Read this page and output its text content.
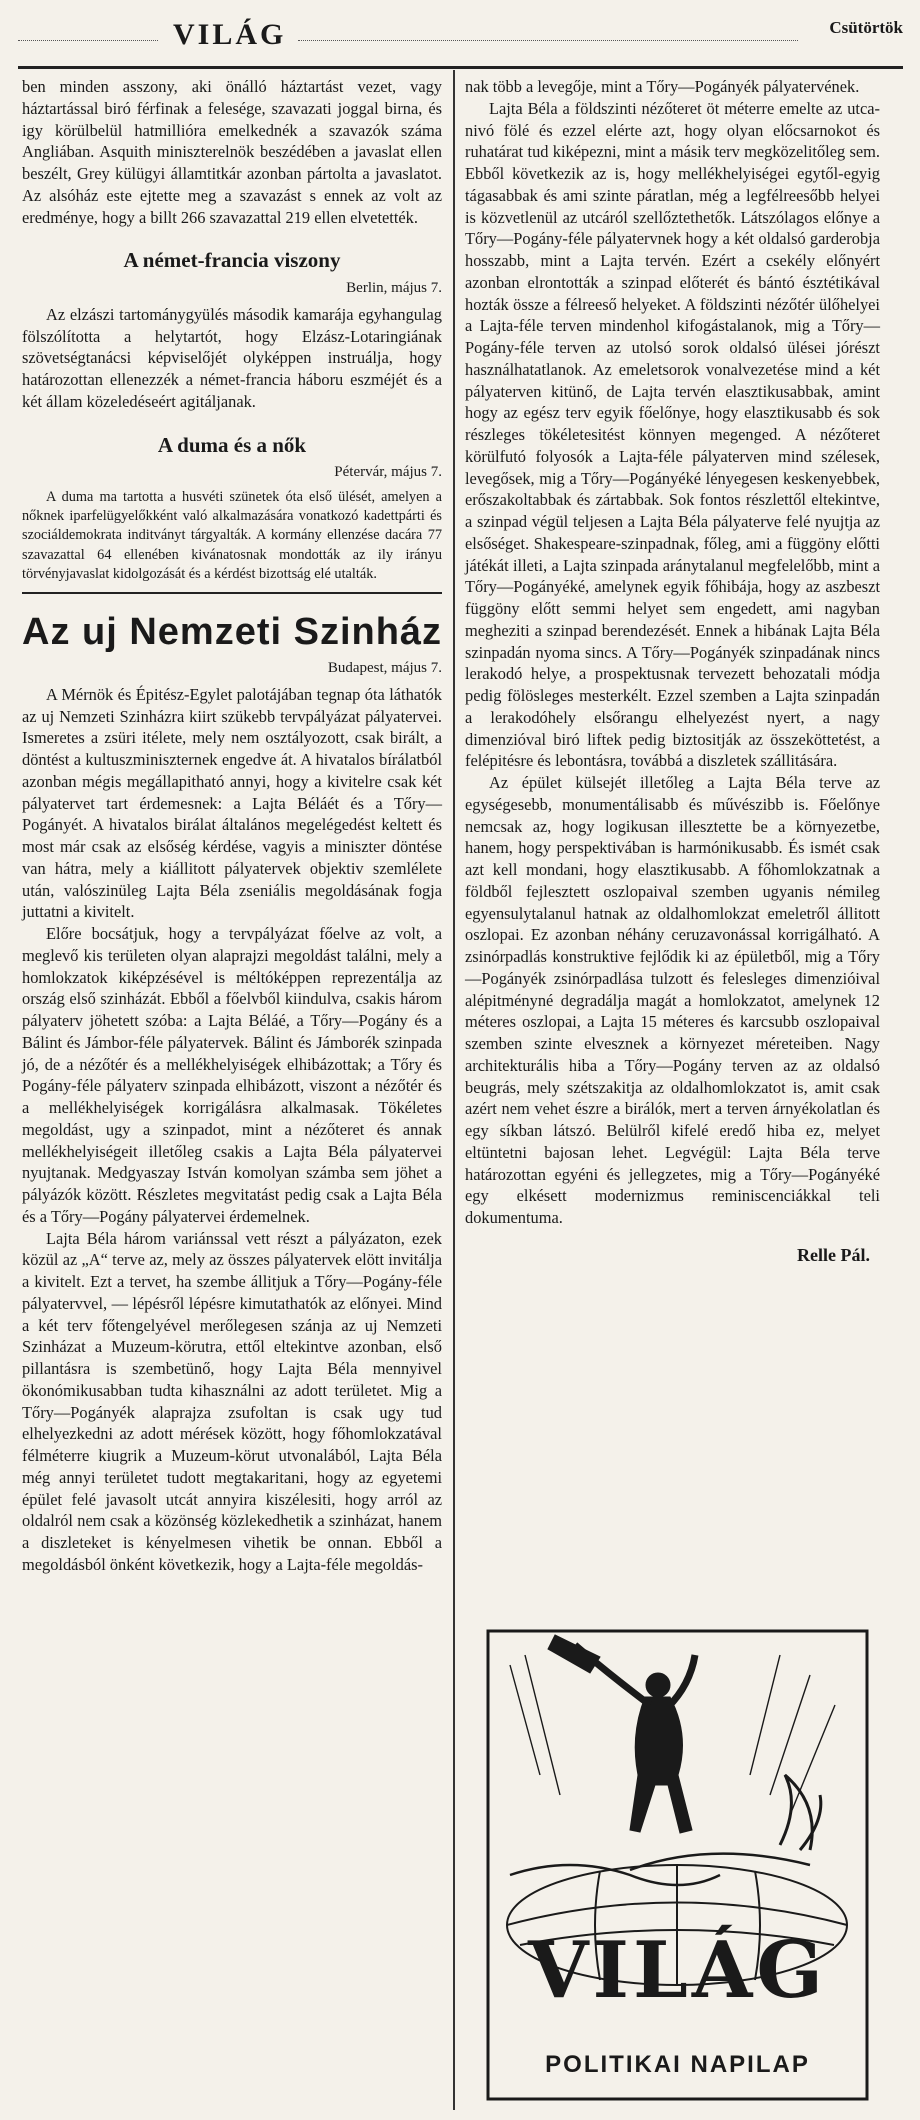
VILÁG	Csütörtök

ben minden asszony, aki önálló háztartást vezet, vagy háztartással biró férfinak a felesége, szavazati joggal birna, és igy körülbelül hatmillióra emelkednék a szavazók száma Angliában. Asquith miniszterelnök beszédében a javaslat ellen beszélt, Grey külügyi államtitkár azonban pártolta a javaslatot. Az alsóház este ejtette meg a szavazást s ennek az volt az eredménye, hogy a billt 266 szavazattal 219 ellen elvetették.

A német-francia viszony
Berlin, május 7.

Az elzászi tartománygyülés második kamarája egyhangulag fölszólította a helytartót, hogy Elzász-Lotaringiának szövetségtanácsi képviselőjét olyképpen instruálja, hogy határozottan ellenezzék a német-francia háboru eszméjét és a két állam közeledéseért agitáljanak.

A duma és a nők
Pétervár, május 7.

A duma ma tartotta a husvéti szünetek óta első ülését, amelyen a nőknek iparfelügyelőkként való alkalmazására vonatkozó kadettpárti és szociáldemokrata inditványt tárgyalták. A kormány ellenzése dacára 77 szavazattal 64 ellenében kivánatosnak mondották az ily irányu törvényjavaslat kidolgozását és a kérdést bizottság elé utalták.

Az uj Nemzeti Szinház
Budapest, május 7.

A Mérnök és Épitész-Egylet palotájában tegnap óta láthatók az uj Nemzeti Szinházra kiirt szükebb tervpályázat pályatervei. Ismeretes a zsüri itélete, mely nem osztályozott, csak birált, a döntést a kultuszminiszternek engedve át. A hivatalos bírálatból azonban mégis megállapitható annyi, hogy a kivitelre csak két pályatervet tart érdemesnek: a Lajta Béláét és a Tőry—Pogányét. A hivatalos birálat általános megelégedést keltett és most már csak az elsőség kérdése, vagyis a miniszter döntése van hátra, mely a kiállitott pályatervek objektiv szemlélete után, valószinüleg Lajta Béla zseniális megoldásának fogja juttatni a kivitelt.

Előre bocsátjuk, hogy a tervpályázat főelve az volt, a meglevő kis területen olyan alaprajzi megoldást találni, mely a homlokzatok kiképzésével is méltóképpen reprezentálja az ország első szinházát. Ebből a főelvből kiindulva, csakis három pályaterv jöhetett szóba: a Lajta Béláé, a Tőry—Pogány és a Bálint és Jámbor-féle pályatervek. Bálint és Jámborék szinpada jó, de a nézőtér és a mellékhelyiségek elhibázottak; a Tőry és Pogány-féle pályaterv szinpada elhibázott, viszont a nézőtér és a mellékhelyiségek korrigálásra alkalmasak. Tökéletes megoldást, ugy a szinpadot, mint a nézőteret és annak mellékhelyiségeit illetőleg csakis a Lajta Béla pályatervei nyujtanak. Medgyaszay István komolyan számba sem jöhet a pályázók között. Részletes megvitatást pedig csak a Lajta Béla és a Tőry—Pogány pályatervei érdemelnek.

Lajta Béla három variánssal vett részt a pályázaton, ezek közül az „A“ terve az, mely az összes pályatervek elött invitálja a kivitelt. Ezt a tervet, ha szembe állitjuk a Tőry—Pogány-féle pályatervvel, — lépésről lépésre kimutathatók az előnyei. Mind a két terv főtengelyével merőlegesen szánja az uj Nemzeti Szinházat a Muzeum-körutra, ettől eltekintve azonban, első pillantásra is szembetünő, hogy Lajta Béla mennyivel ökonómikusabban tudta kihasználni az adott területet. Mig a Tőry—Pogányék alaprajza zsufoltan is csak ugy tud elhelyezkedni az adott mérések között, hogy főhomlokzatával félméterre kiugrik a Muzeum-körut utvonalából, Lajta Béla még annyi területet tudott megtakaritani, hogy az egyetemi épület felé javasolt utcát annyira kiszélesiti, hogy arról az oldalról nem csak a közönség közlekedhetik a szinházat, hanem a diszleteket is kényelmesen vihetik be onnan. Ebből a megoldásból önként következik, hogy a Lajta-féle megoldás-

nak több a levegője, mint a Tőry—Pogányék pályatervének.

Lajta Béla a földszinti nézőteret öt méterre emelte az utca-nivó fölé és ezzel elérte azt, hogy olyan előcsarnokot és ruhatárat tud kiképezni, mint a másik terv megközelitőleg sem. Ebből következik az is, hogy mellékhelyiségei egytől-egyig tágasabbak és ami szinte páratlan, még a legfélreesőbb helyei is közvetlenül az utcáról szellőztethetők. Látszólagos előnye a Tőry—Pogány-féle pályatervnek hogy a két oldalsó garderobja hosszabb, mint a Lajta tervén. Ezért a csekély előnyért azonban elrontották a szinpad előterét és bántó észtétikával hozták össze a félreeső helyeket. A földszinti nézőtér ülőhelyei a Lajta-féle terven mindenhol kifogástalanok, mig a Tőry—Pogány-féle terven az utolsó sorok oldalsó ülései jórészt használhatatlanok. Az emeletsorok vonalvezetése mind a két pályaterven kitünő, de Lajta tervén elasztikusabbak, amint hogy az egész terv egyik főelőnye, hogy elasztikusabb és sok részleges tökéletesitést könnyen megenged. A nézőteret körülfutó folyosók a Lajta-féle pályaterven mind szélesek, levegősek, mig a Tőry—Pogányéké lényegesen keskenyebbek, erőszakoltabbak és zártabbak. Sok fontos részlettől eltekintve, a szinpad végül teljesen a Lajta Béla pályaterve felé nyujtja az elsőséget. Shakespeare-szinpadnak, főleg, ami a függöny előtti játékát illeti, a Lajta szinpada aránytalanul megfelelőbb, mint a Tőry—Pogányéké, amelynek egyik főhibája, hogy az aszbeszt függöny előtt semmi helyet sem engedett, ami nagyban megheziti a szinpad berendezését. Ennek a hibának Lajta Béla szinpadán nyoma sincs. A Tőry—Pogányék szinpadának nincs lerakodó helye, a prospektusnak tervezett behozatali módja pedig fölösleges mesterkélt. Ezzel szemben a Lajta szinpadán a lerakodóhely elsőrangu elhelyezést nyert, a nagy dimenzióval biró liftek pedig biztositják az összeköttetést, a felépitésre és lebontásra, továbbá a diszletek szállitására.

Az épület külsejét illetőleg a Lajta Béla terve az egységesebb, monumentálisabb és művészibb is. Főelőnye nemcsak az, hogy logikusan illesztette be a környezetbe, hanem, hogy perspektivában is harmónikusabb. És ismét csak azt kell mondani, hogy elasztikusabb. A főhomlokzatnak a földből fejlesztett oszlopaival szemben ugyanis némileg egyensulytalanul hatnak az oldalhomlokzat emeletről állitott oszlopai. Ez azonban néhány ceruzavonással korrigálható. A zsinórpadlás konstruktive fejlődik ki az épületből, mig a Tőry—Pogányék zsinórpadlása tulzott és felesleges dimenzióival alépitményné degradálja magát a homlokzatot, amelynek 12 méteres oszlopai, a Lajta 15 méteres és karcsubb oszlopaival szemben szinte elvesznek a környezet méreteiben. Nagy architekturális hiba a Tőry—Pogány terven az az oldalsó beugrás, mely szétszakitja az oldalhomlokzatot is, amit csak azért nem vehet észre a birálók, mert a terven árnyékolatlan és egy síkban látszó. Belülről kifelé eredő hiba ez, melyet eltüntetni bajosan lehet. Legvégül: Lajta Béla terve határozottan egyéni és jellegzetes, mig a Tőry—Pogányéké egy elkésett modernizmus reminiscenciákkal teli dokumentuma.

Relle Pál.
VILÁG
POLITIKAI NAPILAP
